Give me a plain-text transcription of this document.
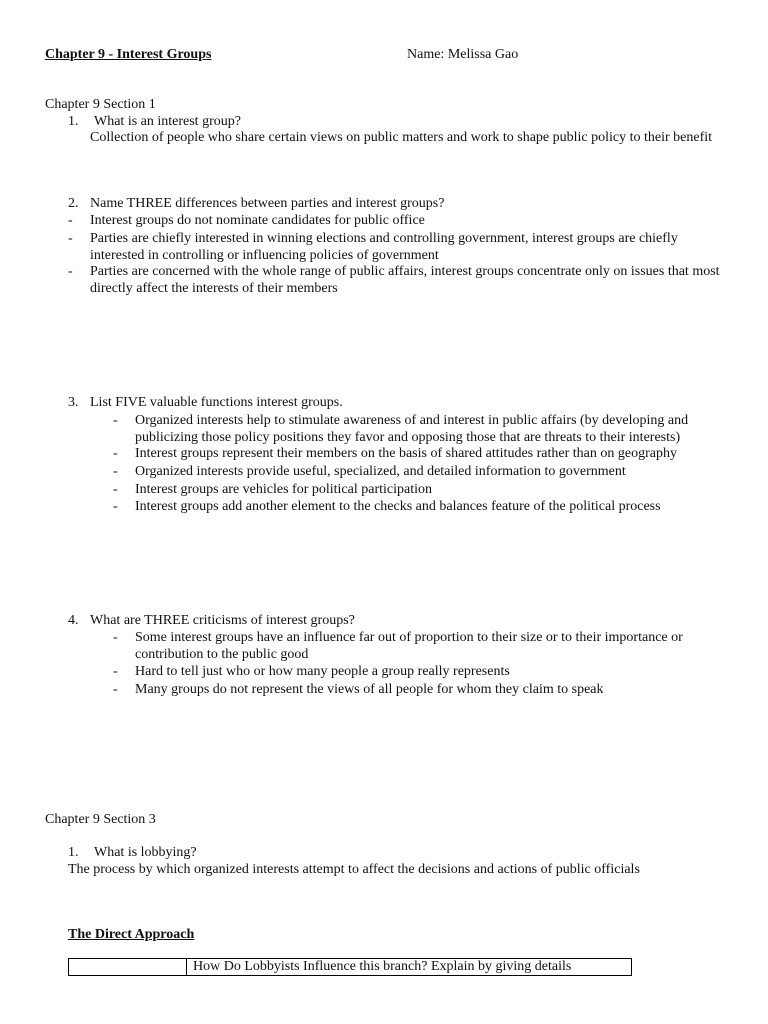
Chapter 9 - Interest Groups	Name: Melissa Gao
Chapter 9 Section 1
1. What is an interest group?
Collection of people who share certain views on public matters and work to shape public policy to their benefit
2. Name THREE differences between parties and interest groups?
- Interest groups do not nominate candidates for public office
- Parties are chiefly interested in winning elections and controlling government, interest groups are chiefly interested in controlling or influencing policies of government
- Parties are concerned with the whole range of public affairs, interest groups concentrate only on issues that most directly affect the interests of their members
3. List FIVE valuable functions interest groups.
- Organized interests help to stimulate awareness of and interest in public affairs (by developing and publicizing those policy positions they favor and opposing those that are threats to their interests)
- Interest groups represent their members on the basis of shared attitudes rather than on geography
- Organized interests provide useful, specialized, and detailed information to government
- Interest groups are vehicles for political participation
- Interest groups add another element to the checks and balances feature of the political process
4. What are THREE criticisms of interest groups?
- Some interest groups have an influence far out of proportion to their size or to their importance or contribution to the public good
- Hard to tell just who or how many people a group really represents
- Many groups do not represent the views of all people for whom they claim to speak
Chapter 9 Section 3
1. What is lobbying?
The process by which organized interests attempt to affect the decisions and actions of public officials
The Direct Approach
	How Do Lobbyists Influence this branch? Explain by giving details
